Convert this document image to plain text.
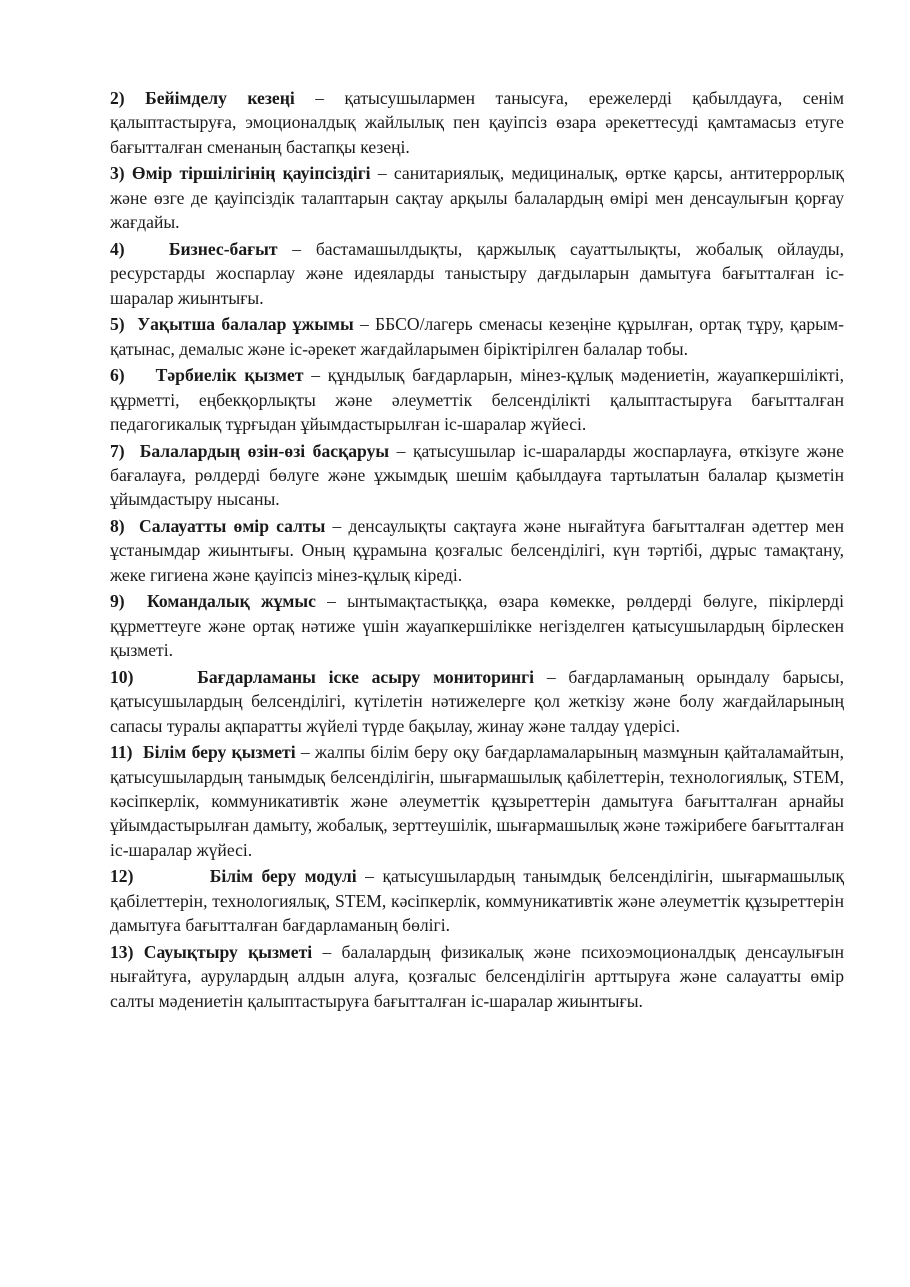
2) Бейімделу кезеңі – қатысушылармен танысуға, ережелерді қабылдауға, сенім қалыптастыруға, эмоционалдық жайлылық пен қауіпсіз өзара әрекеттесуді қамтамасыз етуге бағытталған сменаның бастапқы кезеңі.

3) Өмір тіршілігінің қауіпсіздігі – санитариялық, медициналық, өртке қарсы, антитеррорлық және өзге де қауіпсіздік талаптарын сақтау арқылы балалардың өмірі мен денсаулығын қорғау жағдайы.

4)	Бизнес-бағыт – бастамашылдықты, қаржылық сауаттылықты, жобалық ойлауды, ресурстарды жоспарлау және идеяларды таныстыру дағдыларын дамытуға бағытталған іс-шаралар жиынтығы.

5) Уақытша балалар ұжымы – ББСО/лагерь сменасы кезеңіне құрылған, ортақ тұру, қарым-қатынас, демалыс және іс-әрекет жағдайларымен біріктірілген балалар тобы.

6) Тәрбиелік қызмет – құндылық бағдарларын, мінез-құлық мәдениетін, жауапкершілікті, құрметті, еңбекқорлықты және әлеуметтік белсенділікті қалыптастыруға бағытталған педагогикалық тұрғыдан ұйымдастырылған іс-шаралар жүйесі.

7) Балалардың өзін-өзі басқаруы – қатысушылар іс-шараларды жоспарлауға, өткізуге және бағалауға, рөлдерді бөлуге және ұжымдық шешім қабылдауға тартылатын балалар қызметін ұйымдастыру нысаны.

8) Салауатты өмір салты – денсаулықты сақтауға және нығайтуға бағытталған әдеттер мен ұстанымдар жиынтығы. Оның құрамына қозғалыс белсенділігі, күн тәртібі, дұрыс тамақтану, жеке гигиена және қауіпсіз мінез-құлық кіреді.

9) Командалық жұмыс – ынтымақтастыққа, өзара көмекке, рөлдерді бөлуге, пікірлерді құрметтеуге және ортақ нәтиже үшін жауапкершілікке негізделген қатысушылардың бірлескен қызметі.

10)	Бағдарламаны іске асыру мониторингі – бағдарламаның орындалу барысы, қатысушылардың белсенділігі, күтілетін нәтижелерге қол жеткізу және болу жағдайларының сапасы туралы ақпаратты жүйелі түрде бақылау, жинау және талдау үдерісі.

11) Білім беру қызметі – жалпы білім беру оқу бағдарламаларының мазмұнын қайталамайтын, қатысушылардың танымдық белсенділігін, шығармашылық қабілеттерін, технологиялық, STEM, кәсіпкерлік, коммуникативтік және әлеуметтік құзыреттерін дамытуға бағытталған арнайы ұйымдастырылған дамыту, жобалық, зерттеушілік, шығармашылық және тәжірибеге бағытталған іс-шаралар жүйесі.

12)	Білім беру модулі – қатысушылардың танымдық белсенділігін, шығармашылық қабілеттерін, технологиялық, STEM, кәсіпкерлік, коммуникативтік және әлеуметтік құзыреттерін дамытуға бағытталған бағдарламаның бөлігі.

13) Сауықтыру қызметі – балалардың физикалық және психоэмоционалдық денсаулығын нығайтуға, аурулардың алдын алуға, қозғалыс белсенділігін арттыруға және салауатты өмір салты мәдениетін қалыптастыруға бағытталған іс-шаралар жиынтығы.
